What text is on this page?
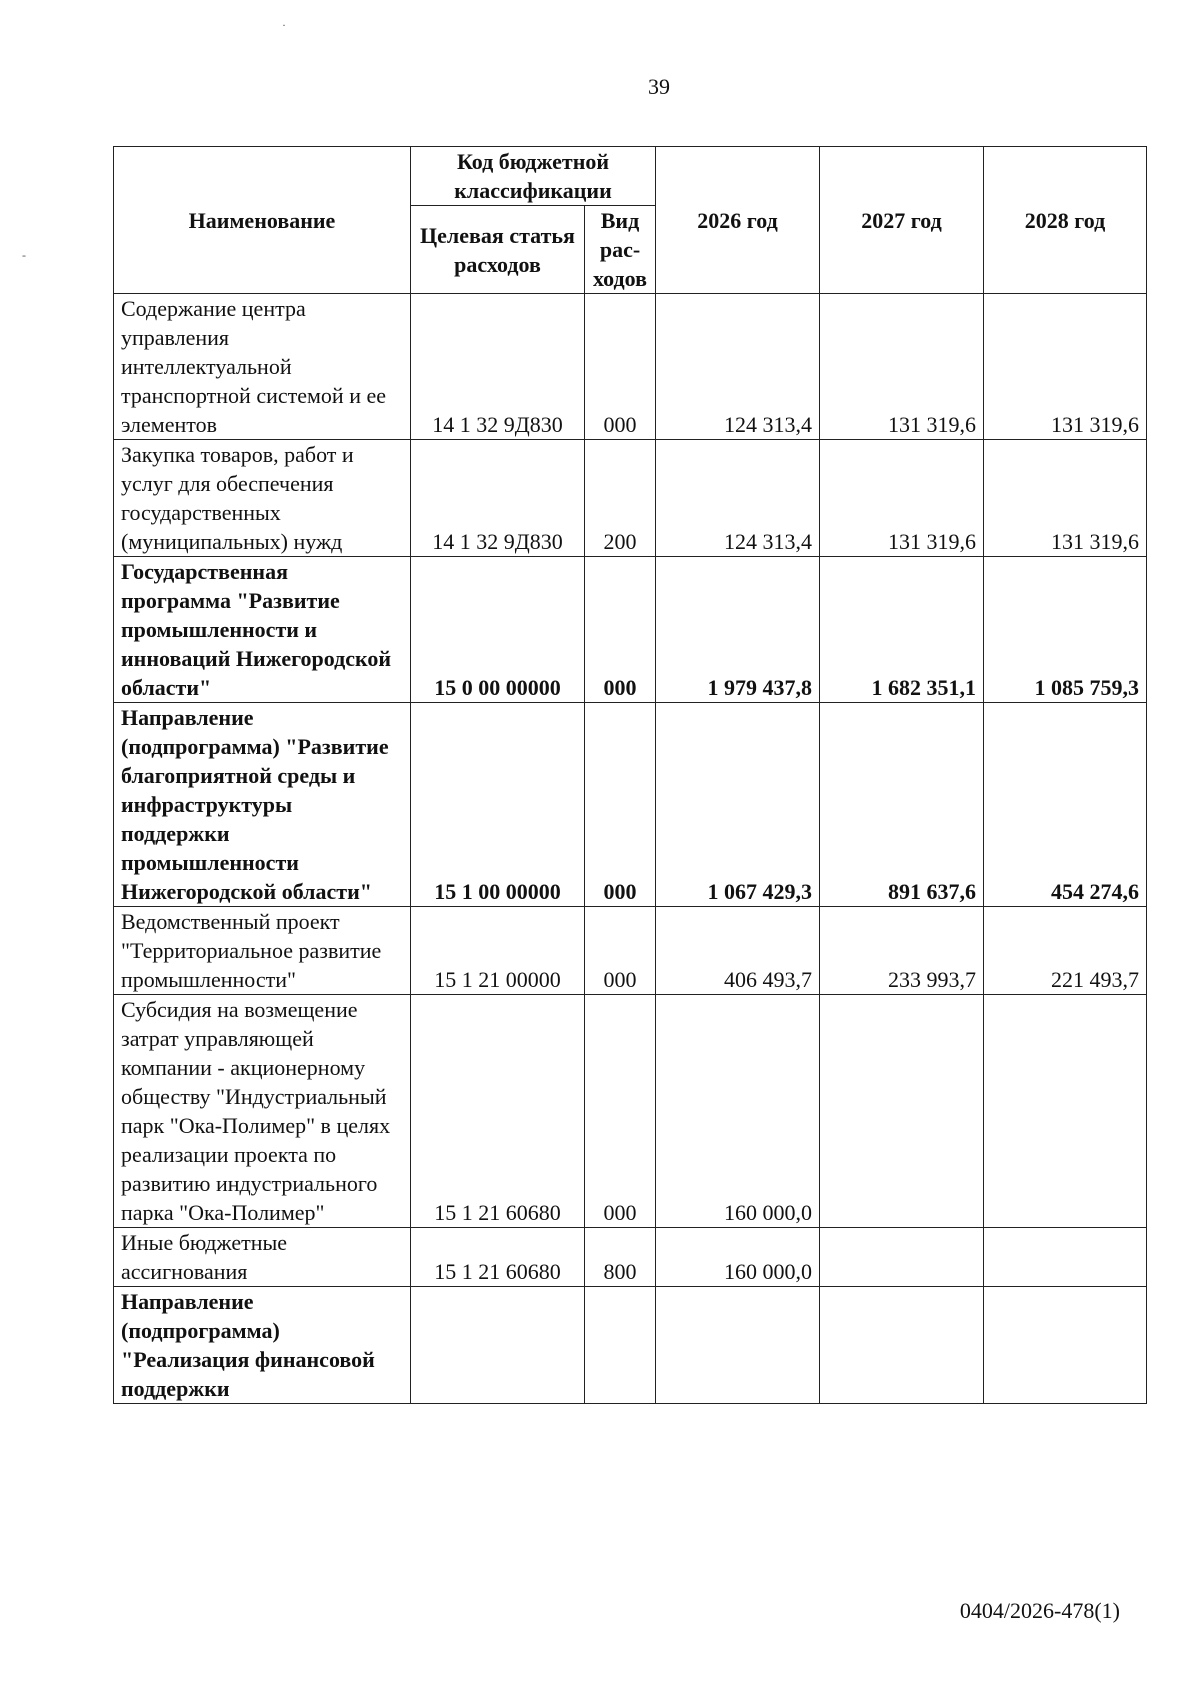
·
-
39
Наименование	Код бюджетной классификации		2026 год	2027 год	2028 год
	Целевая статья расходов	Вид рас-ходов			
Содержание центра управления интеллектуальной транспортной системой и ее элементов	14 1 32 9Д830	000	124 313,4	131 319,6	131 319,6
Закупка товаров, работ и услуг для обеспечения государственных (муниципальных) нужд	14 1 32 9Д830	200	124 313,4	131 319,6	131 319,6
Государственная программа "Развитие промышленности и инноваций Нижегородской области"	15 0 00 00000	000	1 979 437,8	1 682 351,1	1 085 759,3
Направление (подпрограмма) "Развитие благоприятной среды и инфраструктуры поддержки промышленности Нижегородской области"	15 1 00 00000	000	1 067 429,3	891 637,6	454 274,6
Ведомственный проект "Территориальное развитие промышленности"	15 1 21 00000	000	406 493,7	233 993,7	221 493,7
Субсидия на возмещение затрат управляющей компании - акционерному обществу "Индустриальный парк "Ока-Полимер" в целях реализации проекта по развитию индустриального парка "Ока-Полимер"	15 1 21 60680	000	160 000,0		
Иные бюджетные ассигнования	15 1 21 60680	800	160 000,0		
Направление (подпрограмма) "Реализация финансовой поддержки					
0404/2026-478(1)
